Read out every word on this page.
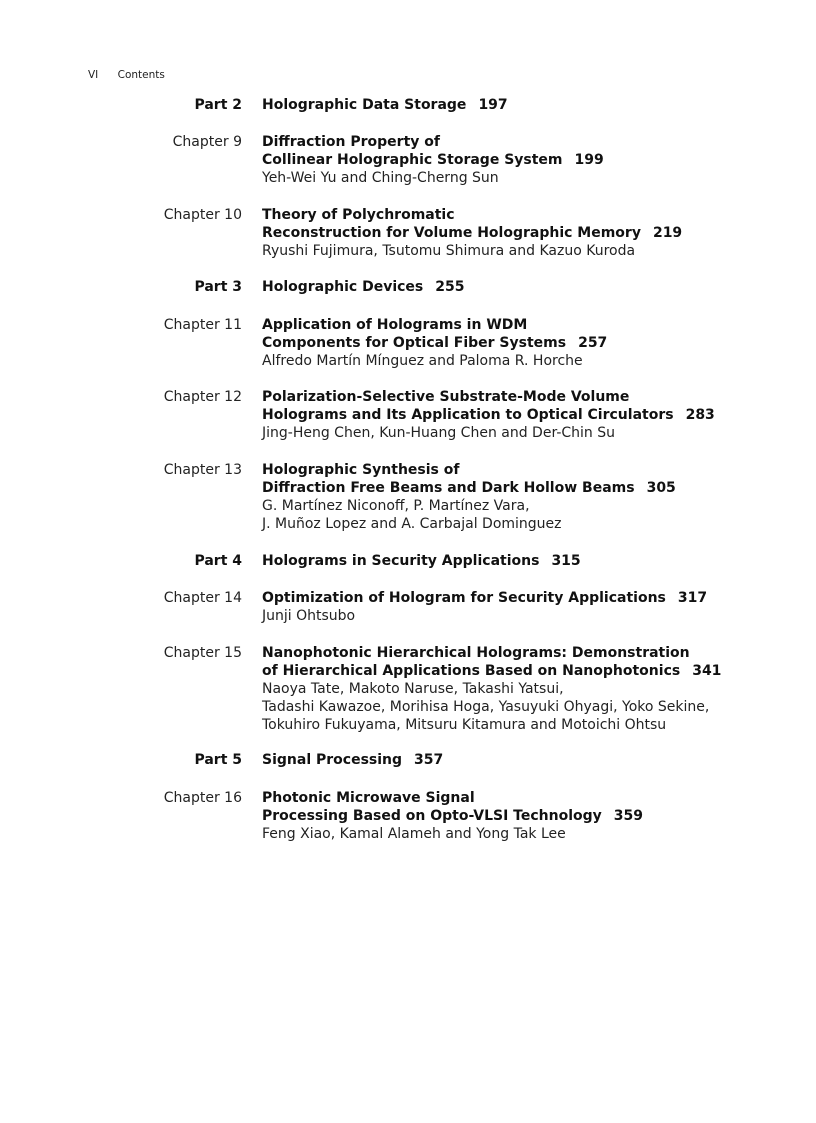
VI Contents
Part 2 Holographic Data Storage 197
Chapter 9 Diffraction Property of
Collinear Holographic Storage System 199
Yeh-Wei Yu and Ching-Cherng Sun
Chapter 10 Theory of Polychromatic
Reconstruction for Volume Holographic Memory 219
Ryushi Fujimura, Tsutomu Shimura and Kazuo Kuroda
Part 3 Holographic Devices 255
Chapter 11 Application of Holograms in WDM
Components for Optical Fiber Systems 257
Alfredo Martín Mínguez and Paloma R. Horche
Chapter 12 Polarization-Selective Substrate-Mode Volume
Holograms and Its Application to Optical Circulators 283
Jing-Heng Chen, Kun-Huang Chen and Der-Chin Su
Chapter 13 Holographic Synthesis of
Diffraction Free Beams and Dark Hollow Beams 305
G. Martínez Niconoff, P. Martínez Vara,
J. Muñoz Lopez and A. Carbajal Dominguez
Part 4 Holograms in Security Applications 315
Chapter 14 Optimization of Hologram for Security Applications 317
Junji Ohtsubo
Chapter 15 Nanophotonic Hierarchical Holograms: Demonstration
of Hierarchical Applications Based on Nanophotonics 341
Naoya Tate, Makoto Naruse, Takashi Yatsui,
Tadashi Kawazoe, Morihisa Hoga, Yasuyuki Ohyagi, Yoko Sekine,
Tokuhiro Fukuyama, Mitsuru Kitamura and Motoichi Ohtsu
Part 5 Signal Processing 357
Chapter 16 Photonic Microwave Signal
Processing Based on Opto-VLSI Technology 359
Feng Xiao, Kamal Alameh and Yong Tak Lee
